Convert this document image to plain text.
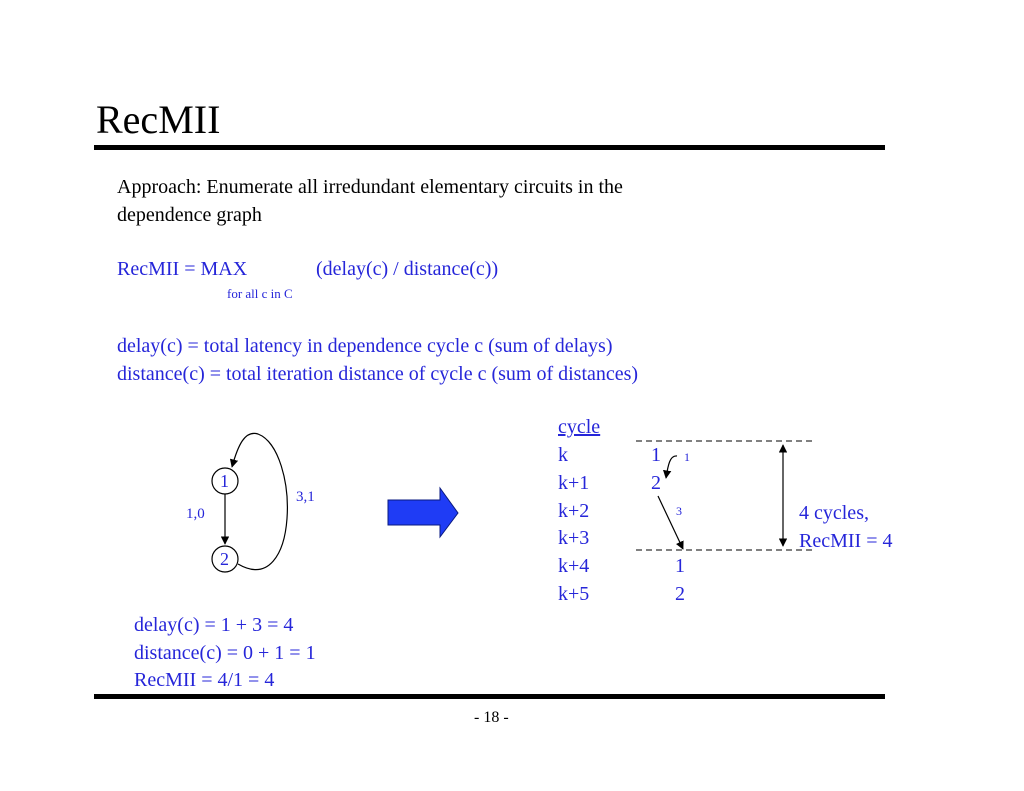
RecMII
Approach: Enumerate all irredundant elementary circuits in the
dependence graph
RecMII = MAX	(delay(c) / distance(c))
for all c in C
delay(c) = total latency in dependence cycle c (sum of delays)
distance(c) = total iteration distance of cycle c (sum of distances)
1
2
1,0
3,1
cycle
k
k+1
k+2
k+3
k+4
k+5
1
2
1
2
1
3	4 cycles,
RecMII = 4
delay(c) = 1 + 3 = 4
distance(c) = 0 + 1 = 1
RecMII = 4/1 = 4
- 18 -
